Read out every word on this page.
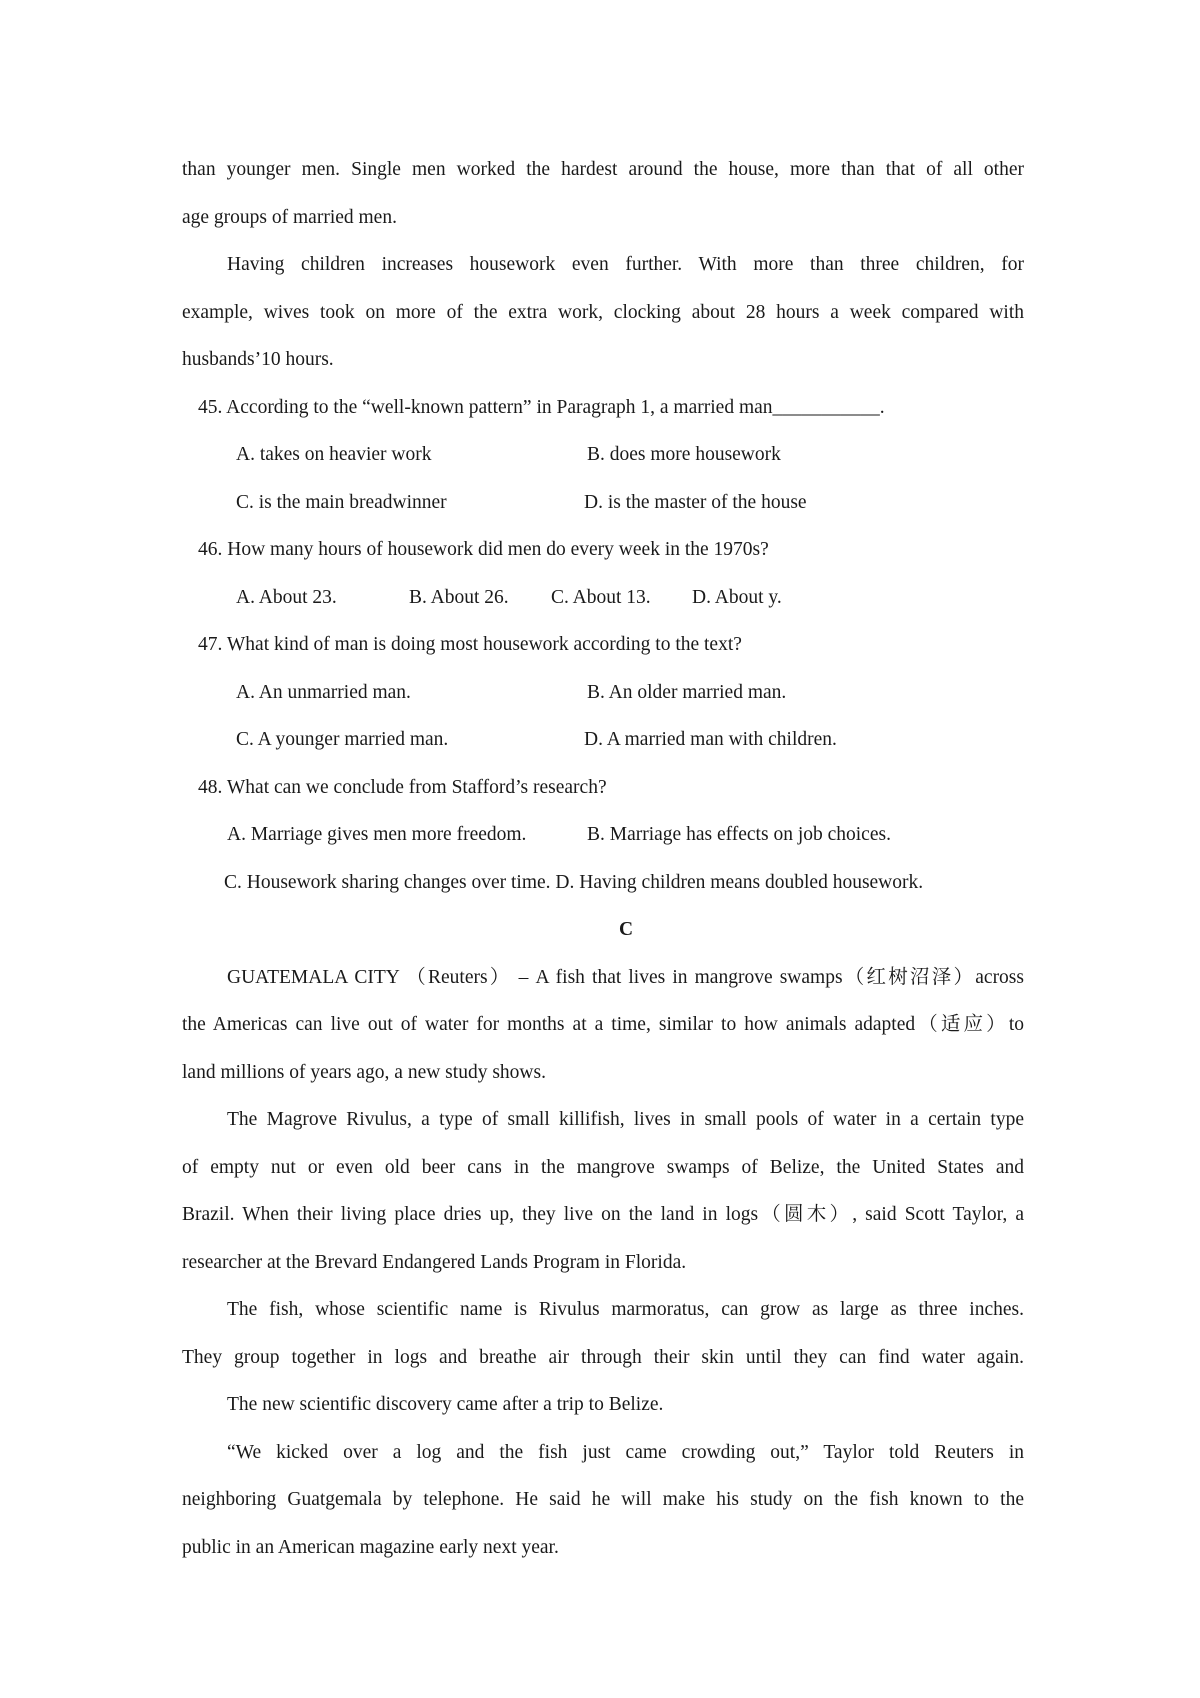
than younger men. Single men worked the hardest around the house, more than that of all other
age groups of married men.
Having children increases housework even further. With more than three children, for
example, wives took on more of the extra work, clocking about 28 hours a week compared with
husbands’10 hours.
45. According to the “well-known pattern” in Paragraph 1, a married man___________.
A. takes on heavier work	B. does more housework
C. is the main breadwinner	D. is the master of the house
46. How many hours of housework did men do every week in the 1970s?
A. About 23.	B. About 26. C. About 13. D. About y.
47. What kind of man is doing most housework according to the text?
A. An unmarried man.	B. An older married man.
C. A younger married man.	D. A married man with children.
48. What can we conclude from Stafford’s research?
A. Marriage gives men more freedom.	B. Marriage has effects on job choices.
C. Housework sharing changes over time. D. Having children means doubled housework.
C
GUATEMALA CITY （Reuters） – A fish that lives in mangrove swamps（红树沼泽）across
the Americas can live out of water for months at a time, similar to how animals adapted（适应）to
land millions of years ago, a new study shows.
The Magrove Rivulus, a type of small killifish, lives in small pools of water in a certain type
of empty nut or even old beer cans in the mangrove swamps of Belize, the United States and
Brazil. When their living place dries up, they live on the land in logs（圆木）, said Scott Taylor, a
researcher at the Brevard Endangered Lands Program in Florida.
The fish, whose scientific name is Rivulus marmoratus, can grow as large as three inches.
They group together in logs and breathe air through their skin until they can find water again.
The new scientific discovery came after a trip to Belize.
“We kicked over a log and the fish just came crowding out,” Taylor told Reuters in
neighboring Guatgemala by telephone. He said he will make his study on the fish known to the
public in an American magazine early next year.
